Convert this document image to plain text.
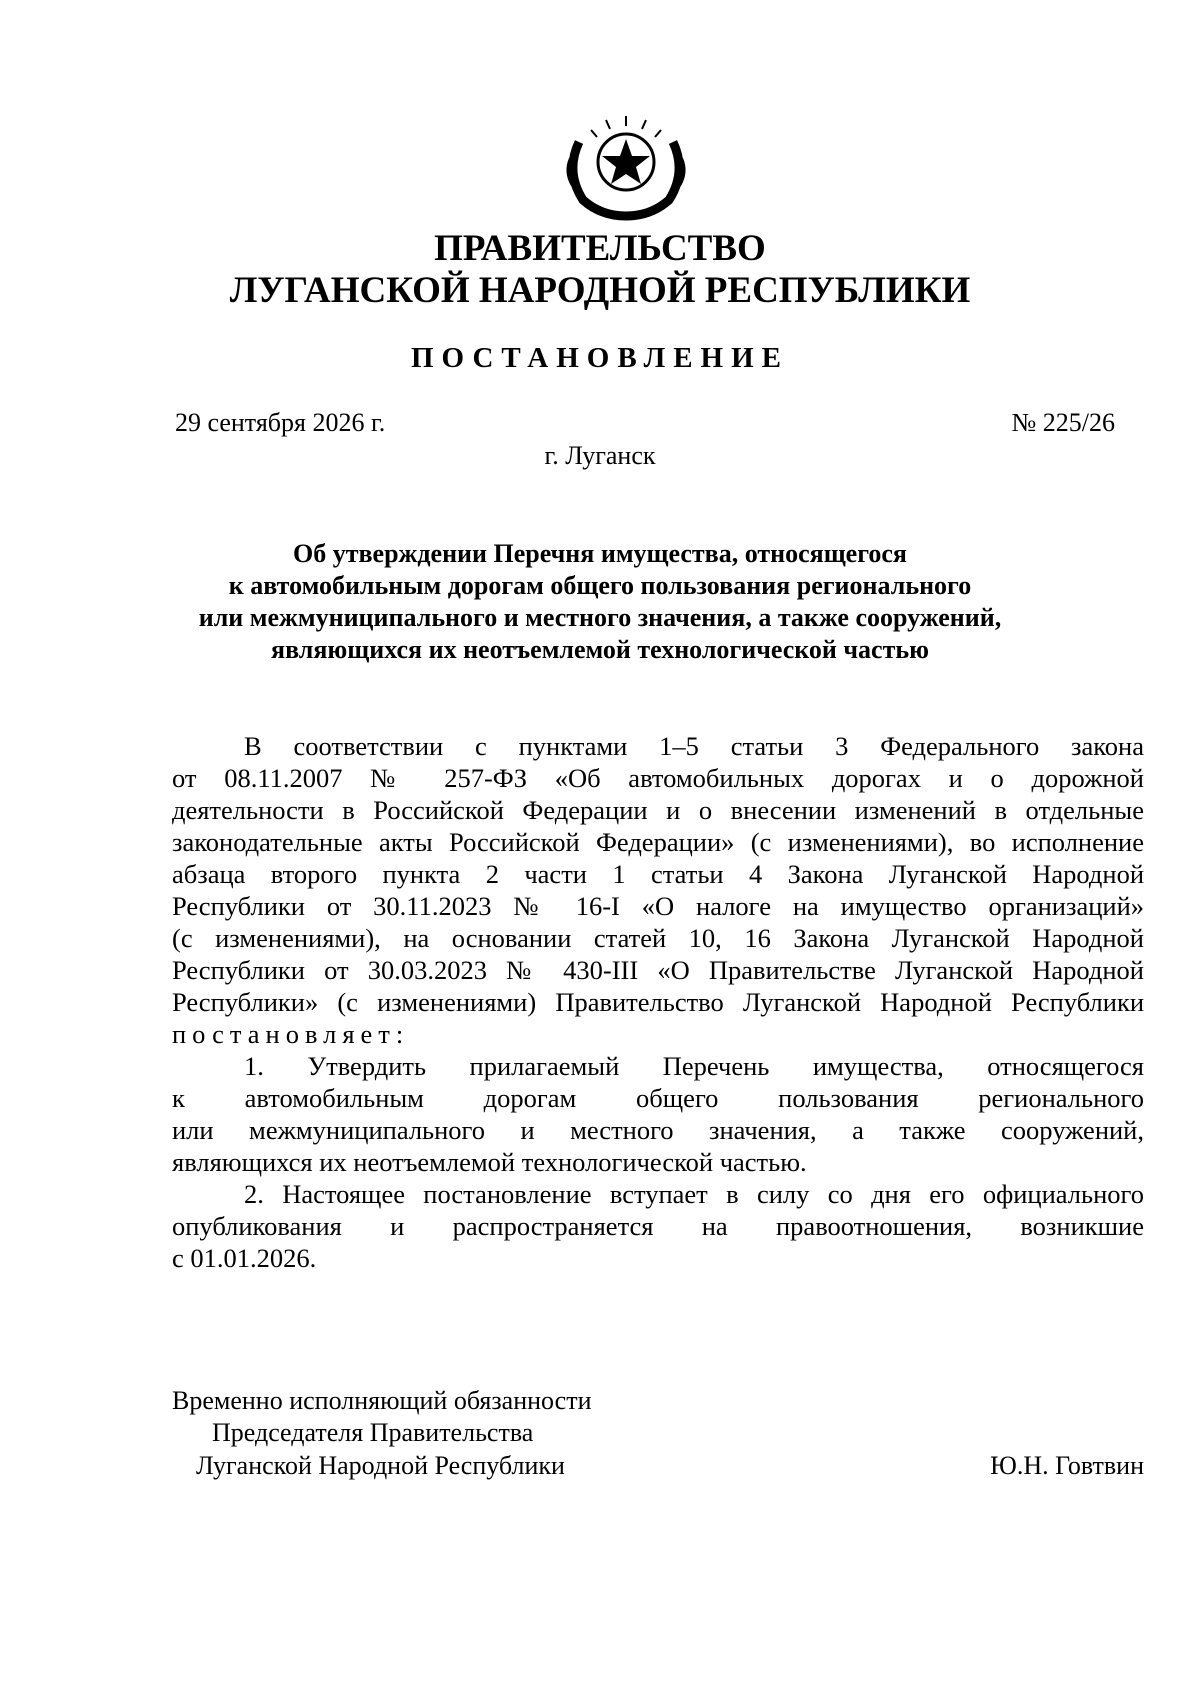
ПРАВИТЕЛЬСТВО
ЛУГАНСКОЙ НАРОДНОЙ РЕСПУБЛИКИ
ПОСТАНОВЛЕНИЕ
29 сентября 2026 г.	№ 225/26
г. Луганск
Об утверждении Перечня имущества, относящегося
к автомобильным дорогам общего пользования регионального
или межмуниципального и местного значения, а также сооружений,
являющихся их неотъемлемой технологической частью
В соответствии с пунктами 1–5 статьи 3 Федерального закона
от 08.11.2007 № 257-ФЗ «Об автомобильных дорогах и о дорожной
деятельности в Российской Федерации и о внесении изменений в отдельные
законодательные акты Российской Федерации» (с изменениями), во исполнение
абзаца второго пункта 2 части 1 статьи 4 Закона Луганской Народной
Республики от 30.11.2023 № 16-I «О налоге на имущество организаций»
(с изменениями), на основании статей 10, 16 Закона Луганской Народной
Республики от 30.03.2023 № 430-III «О Правительстве Луганской Народной
Республики» (с изменениями) Правительство Луганской Народной Республики
постановляет:
1. Утвердить прилагаемый Перечень имущества, относящегося
к автомобильным дорогам общего пользования регионального
или межмуниципального и местного значения, а также сооружений,
являющихся их неотъемлемой технологической частью.
2. Настоящее постановление вступает в силу со дня его официального
опубликования и распространяется на правоотношения, возникшие
с 01.01.2026.
Временно исполняющий обязанности
Председателя Правительства
Луганской Народной Республики	Ю.Н. Говтвин
